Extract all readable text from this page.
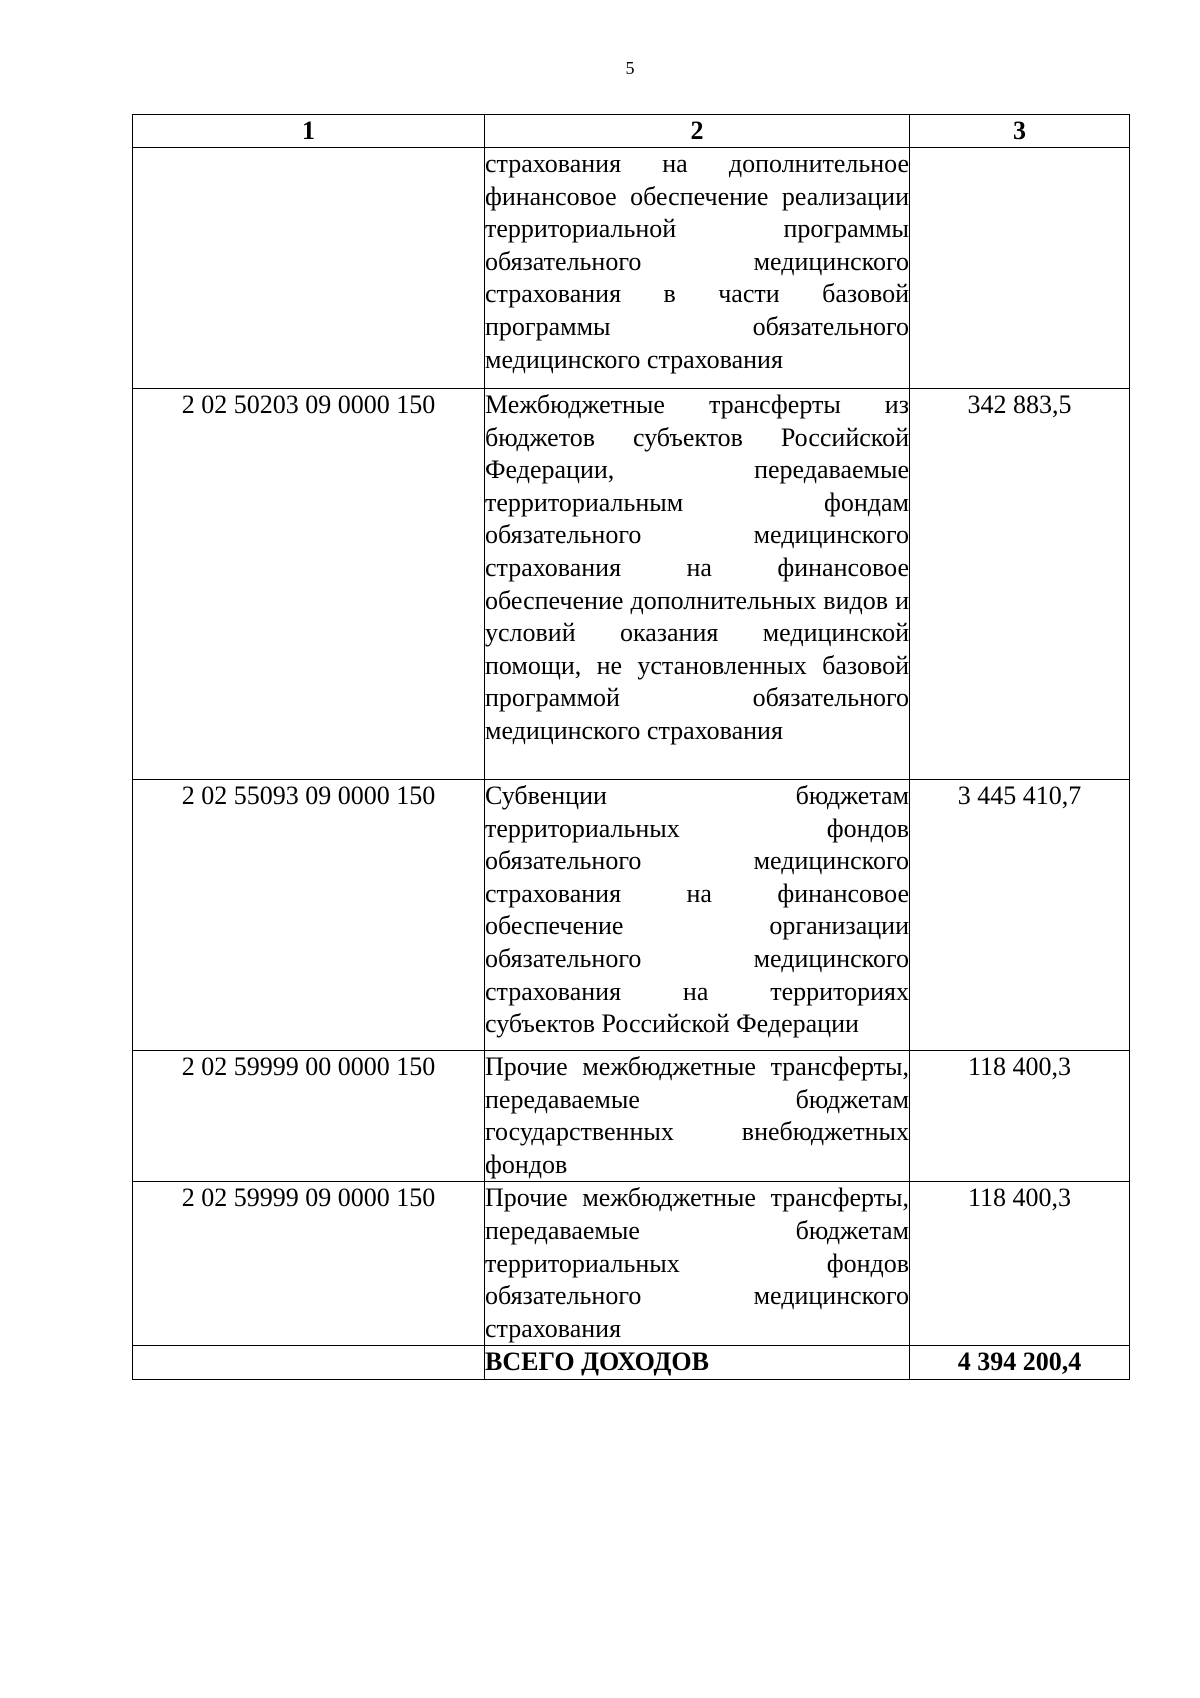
5
1	2	3
	страхования на дополнительное финансовое обеспечение реализации территориальной программы обязательного медицинского страхования в части базовой программы обязательного медицинского страхования	
2 02 50203 09 0000 150	Межбюджетные трансферты из бюджетов субъектов Российской Федерации, передаваемые территориальным фондам обязательного медицинского страхования на финансовое обеспечение дополнительных видов и условий оказания медицинской помощи, не установленных базовой программой обязательного медицинского страхования	342 883,5
2 02 55093 09 0000 150	Субвенции бюджетам территориальных фондов обязательного медицинского страхования на финансовое обеспечение организации обязательного медицинского страхования на территориях субъектов Российской Федерации	3 445 410,7
2 02 59999 00 0000 150	Прочие межбюджетные трансферты, передаваемые бюджетам государственных внебюджетных фондов	118 400,3
2 02 59999 09 0000 150	Прочие межбюджетные трансферты, передаваемые бюджетам территориальных фондов обязательного медицинского страхования	118 400,3
	ВСЕГО ДОХОДОВ	4 394 200,4
